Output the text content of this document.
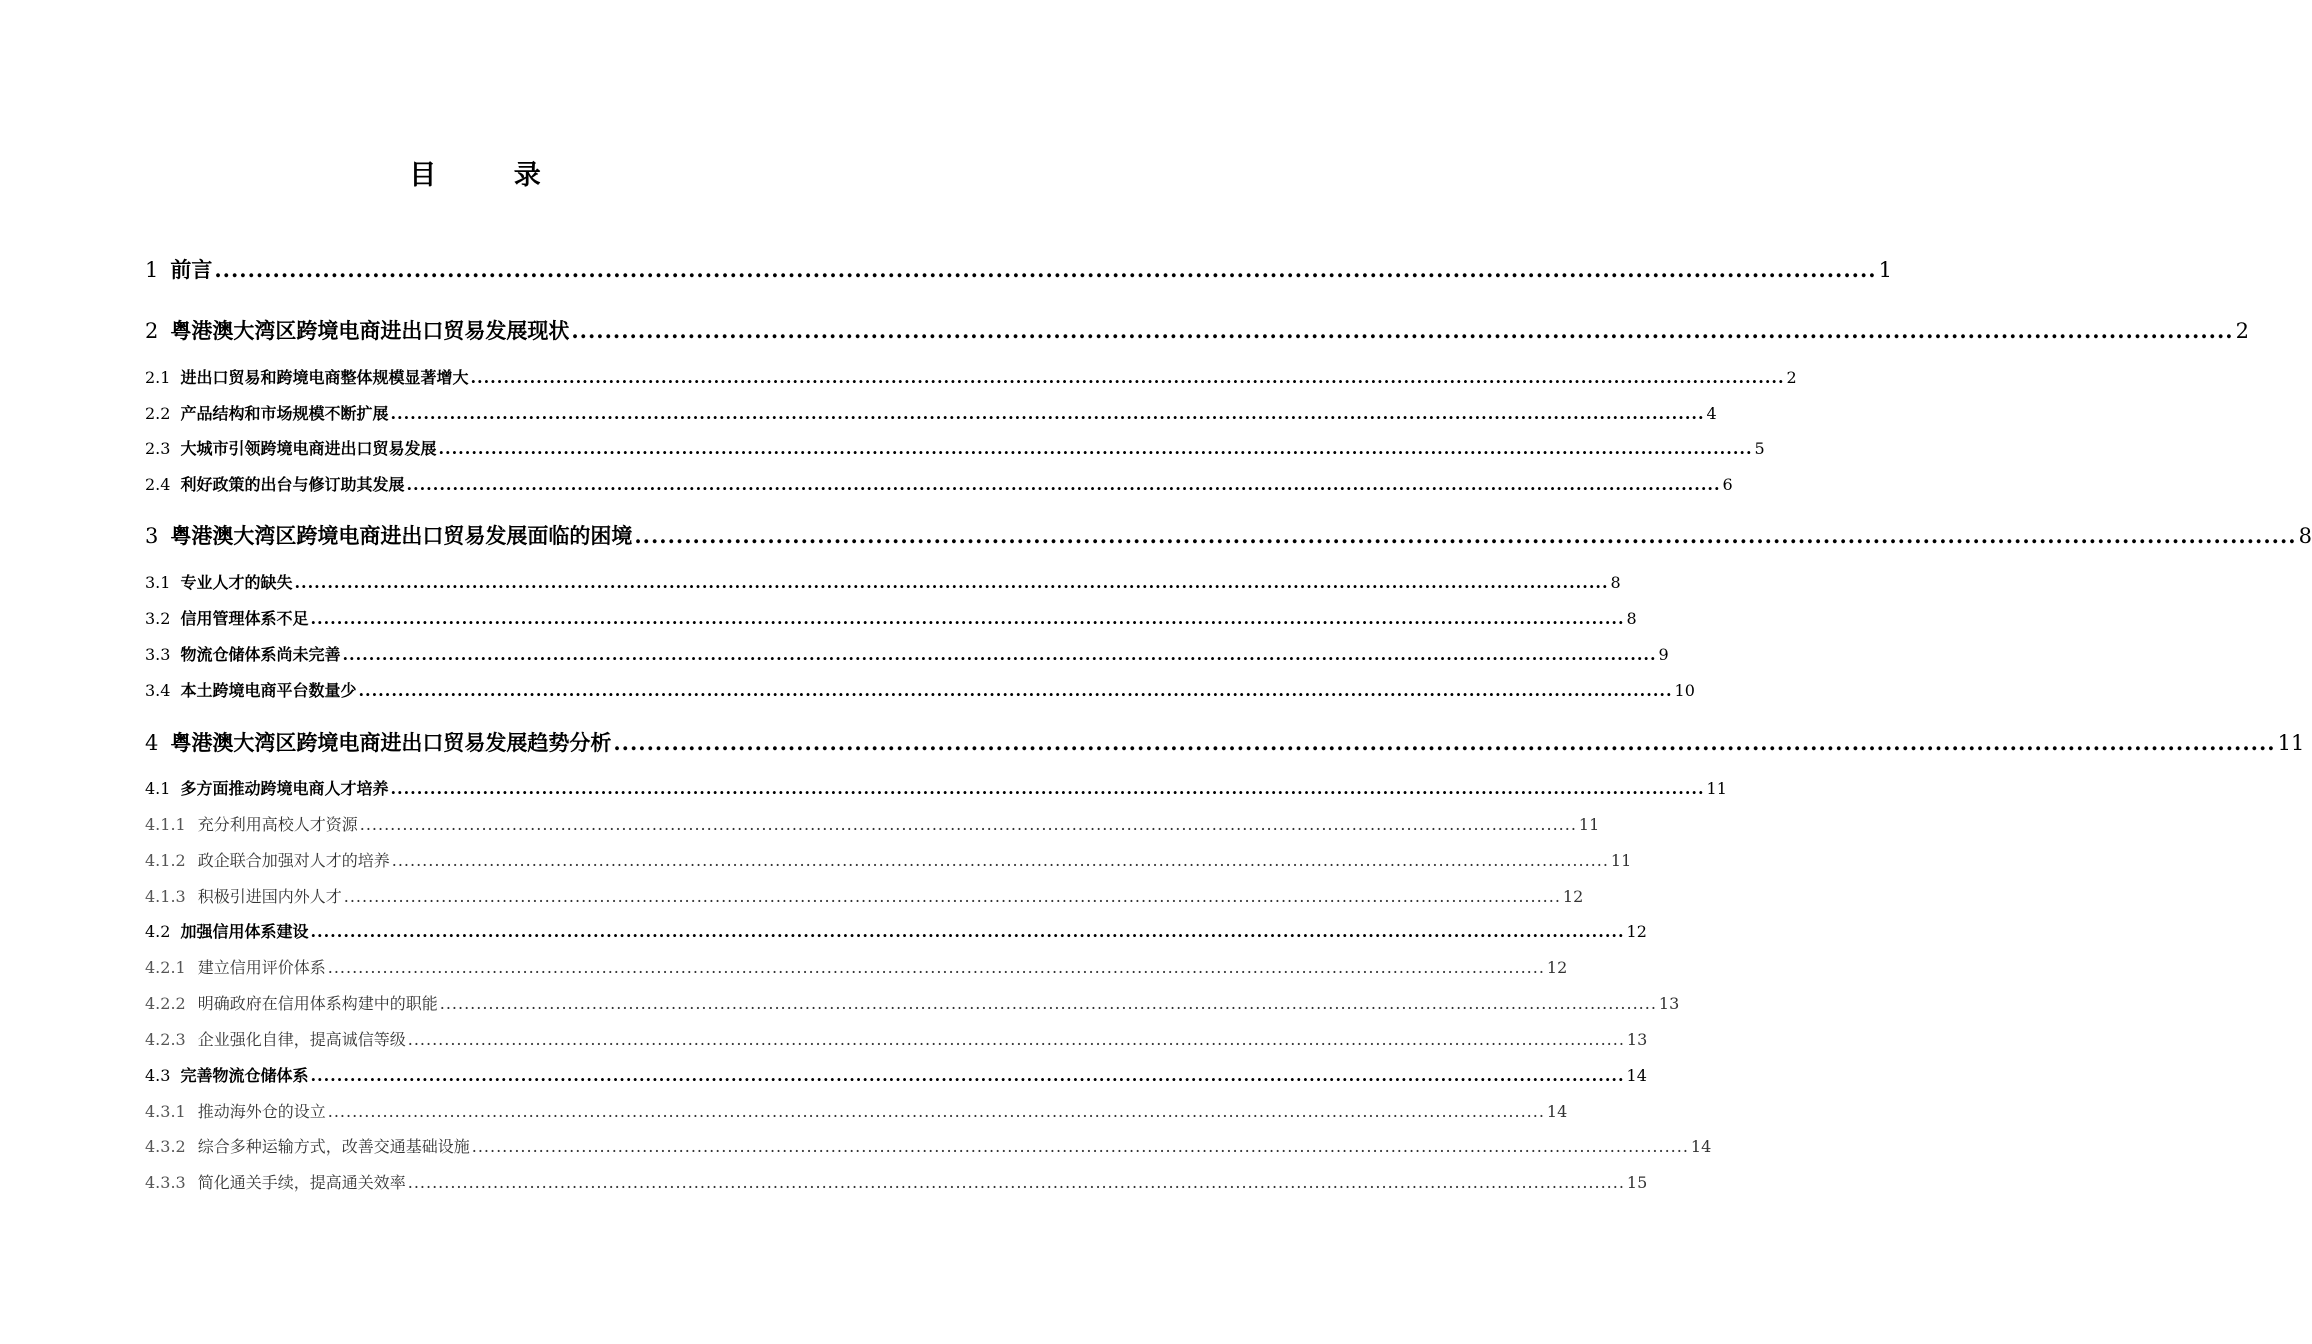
目 录
1 前言 ........................................................................................................................................................................................................ 1
2 粤港澳大湾区跨境电商进出口贸易发展现状 ........................................................................................................................................................................................................ 2
2.1 进出口贸易和跨境电商整体规模显著增大 ........................................................................................................................................................................................................ 2
2.2 产品结构和市场规模不断扩展 ........................................................................................................................................................................................................ 4
2.3 大城市引领跨境电商进出口贸易发展 ........................................................................................................................................................................................................ 5
2.4 利好政策的出台与修订助其发展 ........................................................................................................................................................................................................ 6
3 粤港澳大湾区跨境电商进出口贸易发展面临的困境 ........................................................................................................................................................................................................ 8
3.1 专业人才的缺失 ........................................................................................................................................................................................................ 8
3.2 信用管理体系不足 ........................................................................................................................................................................................................ 8
3.3 物流仓储体系尚未完善 ........................................................................................................................................................................................................ 9
3.4 本土跨境电商平台数量少 ........................................................................................................................................................................................................ 10
4 粤港澳大湾区跨境电商进出口贸易发展趋势分析 ........................................................................................................................................................................................................ 11
4.1 多方面推动跨境电商人才培养 ........................................................................................................................................................................................................ 11
4.1.1 充分利用高校人才资源 ........................................................................................................................................................................................................ 11
4.1.2 政企联合加强对人才的培养 ........................................................................................................................................................................................................ 11
4.1.3 积极引进国内外人才 ........................................................................................................................................................................................................ 12
4.2 加强信用体系建设 ........................................................................................................................................................................................................ 12
4.2.1 建立信用评价体系 ........................................................................................................................................................................................................ 12
4.2.2 明确政府在信用体系构建中的职能 ........................................................................................................................................................................................................ 13
4.2.3 企业强化自律，提高诚信等级 ........................................................................................................................................................................................................ 13
4.3 完善物流仓储体系 ........................................................................................................................................................................................................ 14
4.3.1 推动海外仓的设立 ........................................................................................................................................................................................................ 14
4.3.2 综合多种运输方式，改善交通基础设施 ........................................................................................................................................................................................................ 14
4.3.3 简化通关手续，提高通关效率 ........................................................................................................................................................................................................ 15
